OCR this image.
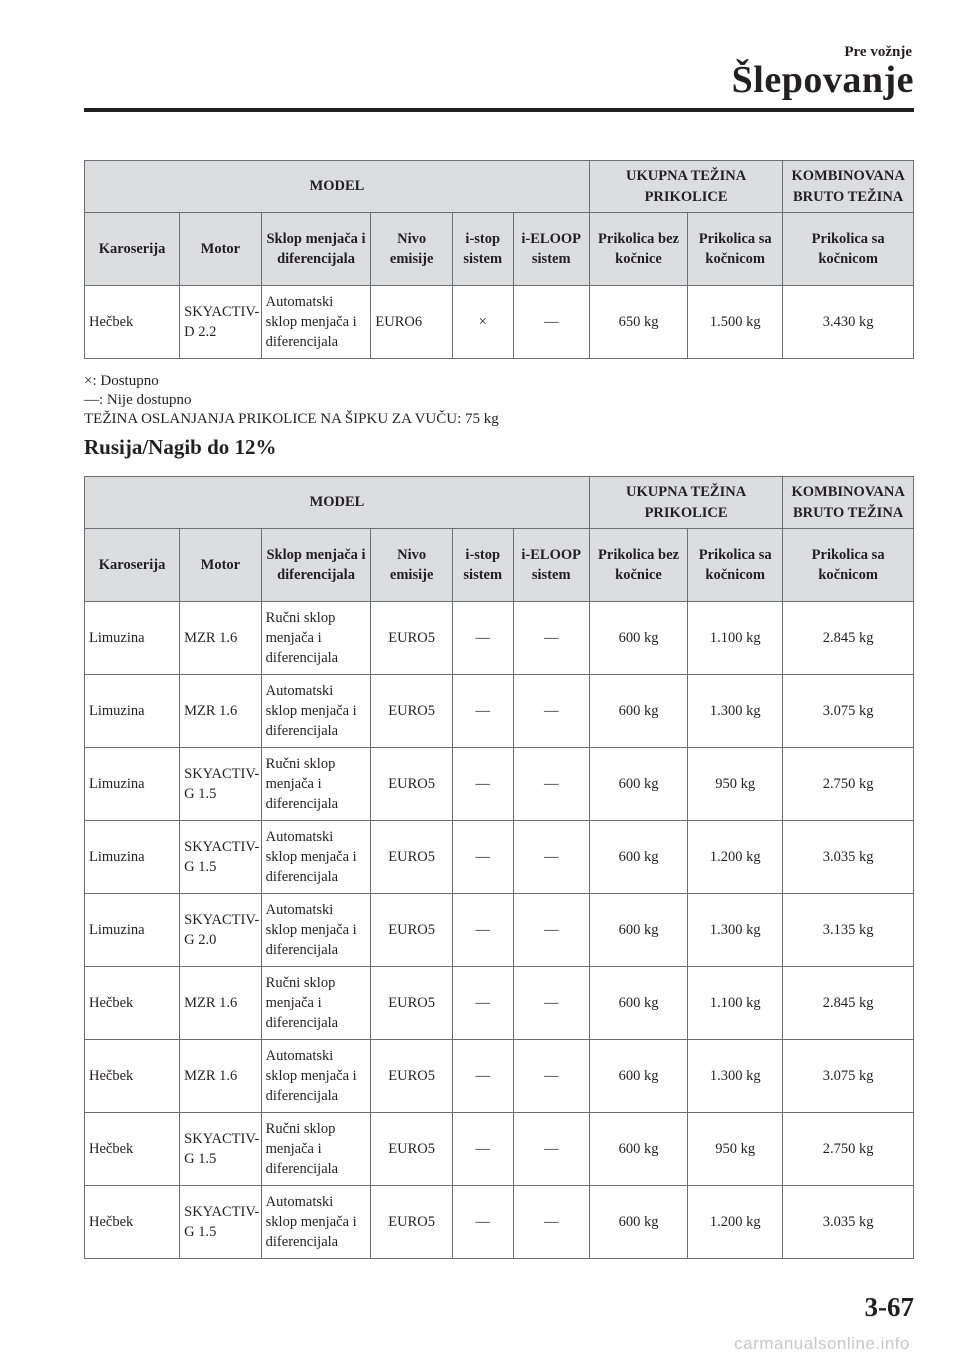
Pre vožnje
Šlepovanje
MODEL						UKUPNA TEŽINA PRIKOLICE		KOMBINOVANA BRUTO TEŽINA
Karoserija	Motor	Sklop menjača i diferencijala	Nivo emisije	i-stop sistem	i-ELOOP sistem	Prikolica bez kočnice	Prikolica sa kočnicom	Prikolica sa kočnicom
Hečbek	SKYACTIV-D 2.2	Automatski sklop menjača i diferencijala	EURO6	×	—	650 kg	1.500 kg	3.430 kg
×: Dostupno
—: Nije dostupno
TEŽINA OSLANJANJA PRIKOLICE NA ŠIPKU ZA VUČU: 75 kg
Rusija/Nagib do 12%
MODEL						UKUPNA TEŽINA PRIKOLICE		KOMBINOVANA BRUTO TEŽINA
Karoserija	Motor	Sklop menjača i diferencijala	Nivo emisije	i-stop sistem	i-ELOOP sistem	Prikolica bez kočnice	Prikolica sa kočnicom	Prikolica sa kočnicom
Limuzina	MZR 1.6	Ručni sklop menjača i diferencijala	EURO5	—	—	600 kg	1.100 kg	2.845 kg
Limuzina	MZR 1.6	Automatski sklop menjača i diferencijala	EURO5	—	—	600 kg	1.300 kg	3.075 kg
Limuzina	SKYACTIV-G 1.5	Ručni sklop menjača i diferencijala	EURO5	—	—	600 kg	950 kg	2.750 kg
Limuzina	SKYACTIV-G 1.5	Automatski sklop menjača i diferencijala	EURO5	—	—	600 kg	1.200 kg	3.035 kg
Limuzina	SKYACTIV-G 2.0	Automatski sklop menjača i diferencijala	EURO5	—	—	600 kg	1.300 kg	3.135 kg
Hečbek	MZR 1.6	Ručni sklop menjača i diferencijala	EURO5	—	—	600 kg	1.100 kg	2.845 kg
Hečbek	MZR 1.6	Automatski sklop menjača i diferencijala	EURO5	—	—	600 kg	1.300 kg	3.075 kg
Hečbek	SKYACTIV-G 1.5	Ručni sklop menjača i diferencijala	EURO5	—	—	600 kg	950 kg	2.750 kg
Hečbek	SKYACTIV-G 1.5	Automatski sklop menjača i diferencijala	EURO5	—	—	600 kg	1.200 kg	3.035 kg
3-67
carmanualsonline.info
